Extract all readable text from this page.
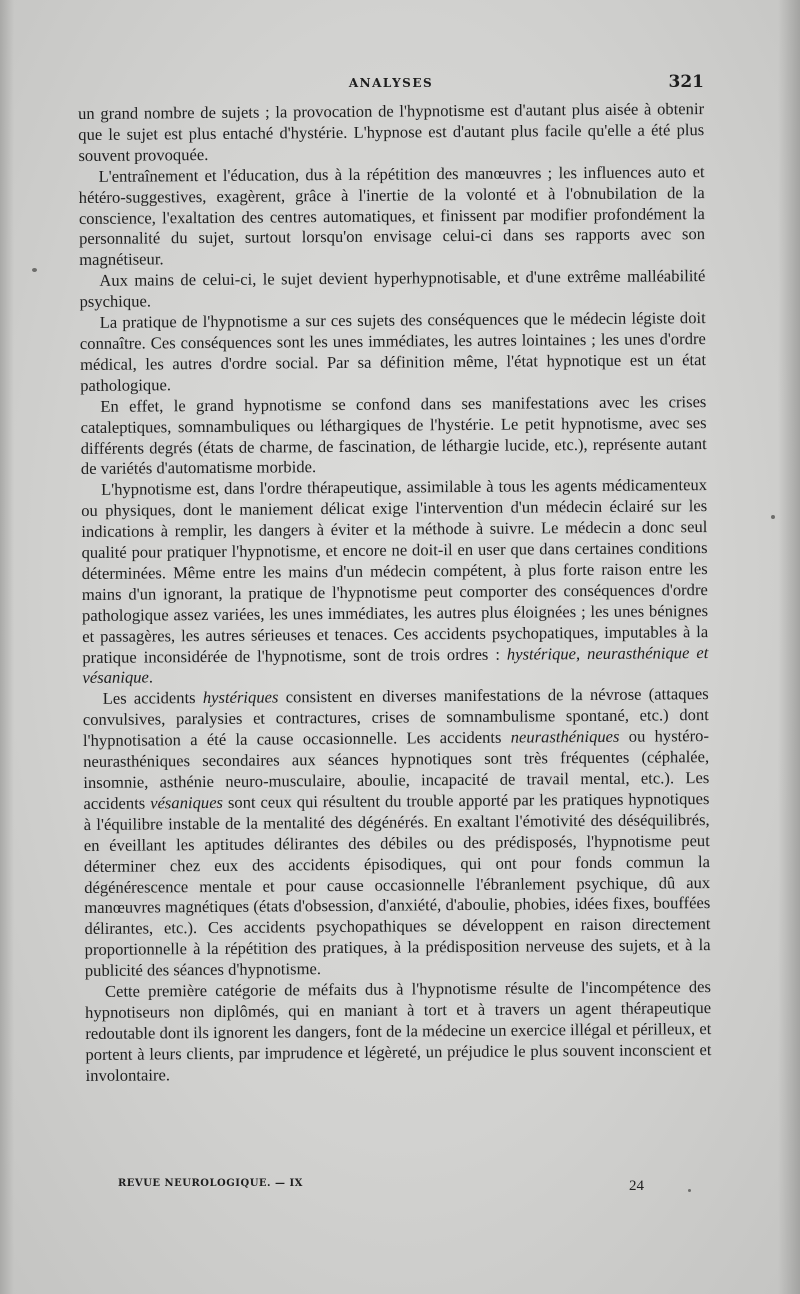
ANALYSES	321

un grand nombre de sujets ; la provocation de l'hypnotisme est d'autant plus aisée à obtenir que le sujet est plus entaché d'hystérie. L'hypnose est d'autant plus facile qu'elle a été plus souvent provoquée.

L'entraînement et l'éducation, dus à la répétition des manœuvres ; les influences auto et hétéro-suggestives, exagèrent, grâce à l'inertie de la volonté et à l'obnubilation de la conscience, l'exaltation des centres automatiques, et finissent par modifier profondément la personnalité du sujet, surtout lorsqu'on envisage celui-ci dans ses rapports avec son magnétiseur.

Aux mains de celui-ci, le sujet devient hyperhypnotisable, et d'une extrême malléabilité psychique.

La pratique de l'hypnotisme a sur ces sujets des conséquences que le médecin légiste doit connaître. Ces conséquences sont les unes immédiates, les autres lointaines ; les unes d'ordre médical, les autres d'ordre social. Par sa définition même, l'état hypnotique est un état pathologique.

En effet, le grand hypnotisme se confond dans ses manifestations avec les crises cataleptiques, somnambuliques ou léthargiques de l'hystérie. Le petit hypnotisme, avec ses différents degrés (états de charme, de fascination, de léthargie lucide, etc.), représente autant de variétés d'automatisme morbide.

L'hypnotisme est, dans l'ordre thérapeutique, assimilable à tous les agents médicamenteux ou physiques, dont le maniement délicat exige l'intervention d'un médecin éclairé sur les indications à remplir, les dangers à éviter et la méthode à suivre. Le médecin a donc seul qualité pour pratiquer l'hypnotisme, et encore ne doit-il en user que dans certaines conditions déterminées. Même entre les mains d'un médecin compétent, à plus forte raison entre les mains d'un ignorant, la pratique de l'hypnotisme peut comporter des conséquences d'ordre pathologique assez variées, les unes immédiates, les autres plus éloignées ; les unes bénignes et passagères, les autres sérieuses et tenaces. Ces accidents psychopatiques, imputables à la pratique inconsidérée de l'hypnotisme, sont de trois ordres : hystérique, neurasthénique et vésanique.

Les accidents hystériques consistent en diverses manifestations de la névrose (attaques convulsives, paralysies et contractures, crises de somnambulisme spontané, etc.) dont l'hypnotisation a été la cause occasionnelle. Les accidents neurasthéniques ou hystéro-neurasthéniques secondaires aux séances hypnotiques sont très fréquentes (céphalée, insomnie, asthénie neuro-musculaire, aboulie, incapacité de travail mental, etc.). Les accidents vésaniques sont ceux qui résultent du trouble apporté par les pratiques hypnotiques à l'équilibre instable de la mentalité des dégénérés. En exaltant l'émotivité des déséquilibrés, en éveillant les aptitudes délirantes des débiles ou des prédisposés, l'hypnotisme peut déterminer chez eux des accidents épisodiques, qui ont pour fonds commun la dégénérescence mentale et pour cause occasionnelle l'ébranlement psychique, dû aux manœuvres magnétiques (états d'obsession, d'anxiété, d'aboulie, phobies, idées fixes, bouffées délirantes, etc.). Ces accidents psychopathiques se développent en raison directement proportionnelle à la répétition des pratiques, à la prédisposition nerveuse des sujets, et à la publicité des séances d'hypnotisme.

Cette première catégorie de méfaits dus à l'hypnotisme résulte de l'incompétence des hypnotiseurs non diplômés, qui en maniant à tort et à travers un agent thérapeutique redoutable dont ils ignorent les dangers, font de la médecine un exercice illégal et périlleux, et portent à leurs clients, par imprudence et légèreté, un préjudice le plus souvent inconscient et involontaire.

REVUE NEUROLOGIQUE. — IX	24
